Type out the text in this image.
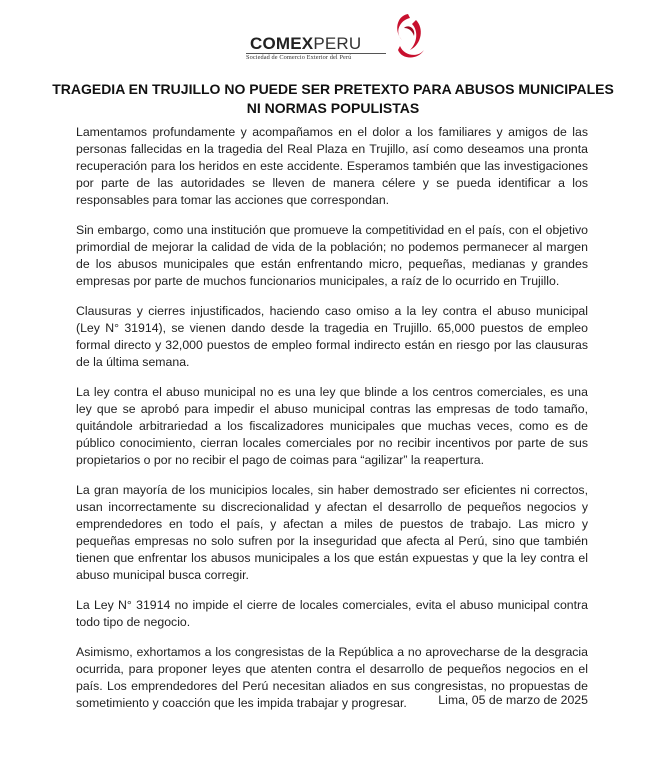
COMEXPERU
Sociedad de Comercio Exterior del Perú
TRAGEDIA EN TRUJILLO NO PUEDE SER PRETEXTO PARA ABUSOS MUNICIPALES
NI NORMAS POPULISTAS

Lamentamos profundamente y acompañamos en el dolor a los familiares y amigos de las personas fallecidas en la tragedia del Real Plaza en Trujillo, así como deseamos una pronta recuperación para los heridos en este accidente. Esperamos también que las investigaciones por parte de las autoridades se lleven de manera célere y se pueda identificar a los responsables para tomar las acciones que correspondan.

Sin embargo, como una institución que promueve la competitividad en el país, con el objetivo primordial de mejorar la calidad de vida de la población; no podemos permanecer al margen de los abusos municipales que están enfrentando micro, pequeñas, medianas y grandes empresas por parte de muchos funcionarios municipales, a raíz de lo ocurrido en Trujillo.

Clausuras y cierres injustificados, haciendo caso omiso a la ley contra el abuso municipal (Ley N° 31914), se vienen dando desde la tragedia en Trujillo. 65,000 puestos de empleo formal directo y 32,000 puestos de empleo formal indirecto están en riesgo por las clausuras de la última semana.

La ley contra el abuso municipal no es una ley que blinde a los centros comerciales, es una ley que se aprobó para impedir el abuso municipal contras las empresas de todo tamaño, quitándole arbitrariedad a los fiscalizadores municipales que muchas veces, como es de público conocimiento, cierran locales comerciales por no recibir incentivos por parte de sus propietarios o por no recibir el pago de coimas para “agilizar” la reapertura.

La gran mayoría de los municipios locales, sin haber demostrado ser eficientes ni correctos, usan incorrectamente su discrecionalidad y afectan el desarrollo de pequeños negocios y emprendedores en todo el país, y afectan a miles de puestos de trabajo. Las micro y pequeñas empresas no solo sufren por la inseguridad que afecta al Perú, sino que también tienen que enfrentar los abusos municipales a los que están expuestas y que la ley contra el abuso municipal busca corregir.

La Ley N° 31914 no impide el cierre de locales comerciales, evita el abuso municipal contra todo tipo de negocio.

Asimismo, exhortamos a los congresistas de la República a no aprovecharse de la desgracia ocurrida, para proponer leyes que atenten contra el desarrollo de pequeños negocios en el país. Los emprendedores del Perú necesitan aliados en sus congresistas, no propuestas de sometimiento y coacción que les impida trabajar y progresar.	Lima, 05 de marzo de 2025
